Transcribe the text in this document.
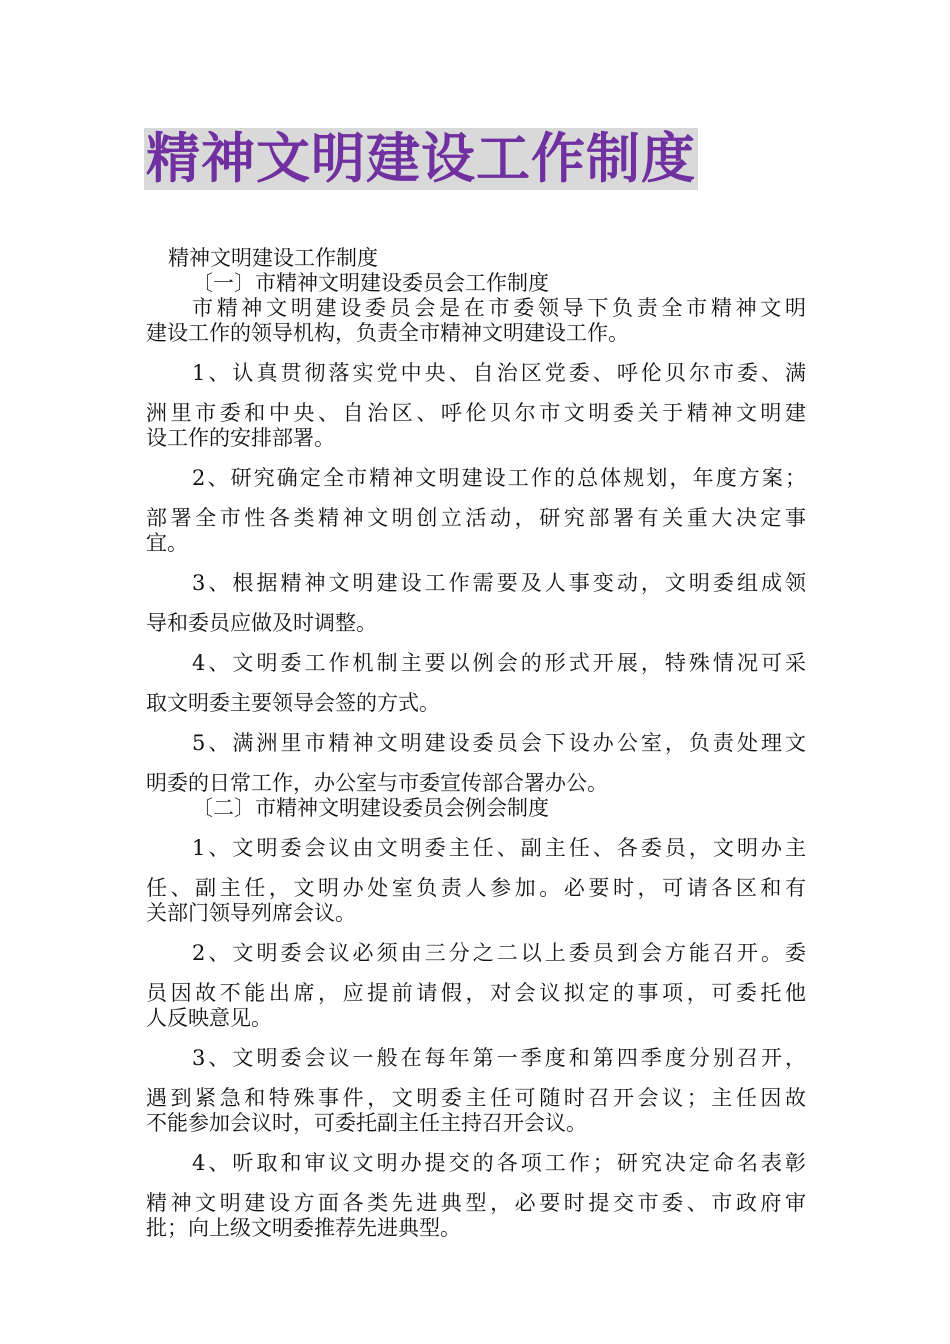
精神文明建设工作制度
精神文明建设工作制度
〔一〕市精神文明建设委员会工作制度
市精神文明建设委员会是在市委领导下负责全市精神文明
建设工作的领导机构，负责全市精神文明建设工作。
1、认真贯彻落实党中央、自治区党委、呼伦贝尔市委、满
洲里市委和中央、自治区、呼伦贝尔市文明委关于精神文明建
设工作的安排部署。
2、研究确定全市精神文明建设工作的总体规划，年度方案；
部署全市性各类精神文明创立活动，研究部署有关重大决定事
宜。
3、根据精神文明建设工作需要及人事变动，文明委组成领
导和委员应做及时调整。
4、文明委工作机制主要以例会的形式开展，特殊情况可采
取文明委主要领导会签的方式。
5、满洲里市精神文明建设委员会下设办公室，负责处理文
明委的日常工作，办公室与市委宣传部合署办公。
〔二〕市精神文明建设委员会例会制度
1、文明委会议由文明委主任、副主任、各委员，文明办主
任、副主任，文明办处室负责人参加。必要时，可请各区和有
关部门领导列席会议。
2、文明委会议必须由三分之二以上委员到会方能召开。委
员因故不能出席，应提前请假，对会议拟定的事项，可委托他
人反映意见。
3、文明委会议一般在每年第一季度和第四季度分别召开，
遇到紧急和特殊事件，文明委主任可随时召开会议；主任因故
不能参加会议时，可委托副主任主持召开会议。
4、听取和审议文明办提交的各项工作；研究决定命名表彰
精神文明建设方面各类先进典型，必要时提交市委、市政府审
批；向上级文明委推荐先进典型。
